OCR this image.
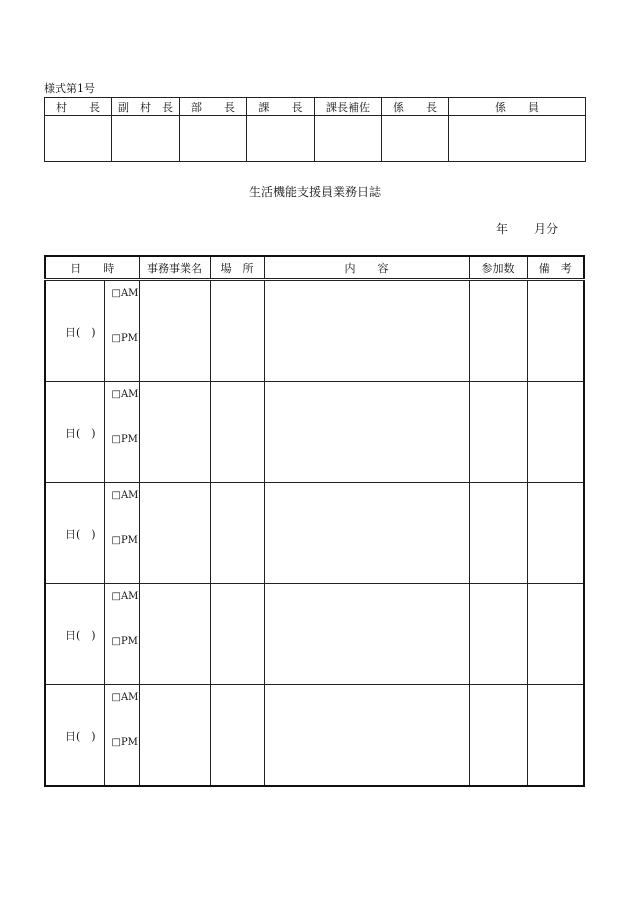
様式第1号
村　　長	副　村　長	部　　長	課　　長	課長補佐	係　　長	係　　員

生活機能支援員業務日誌
年 月分
日　　時		事務事業名	場　所	内　　容	参加数	備　考

日(　)	□AM
□PM					

日(　)	□AM
□PM					

日(　)	□AM
□PM					

日(　)	□AM
□PM					

日(　)	□AM
□PM					
